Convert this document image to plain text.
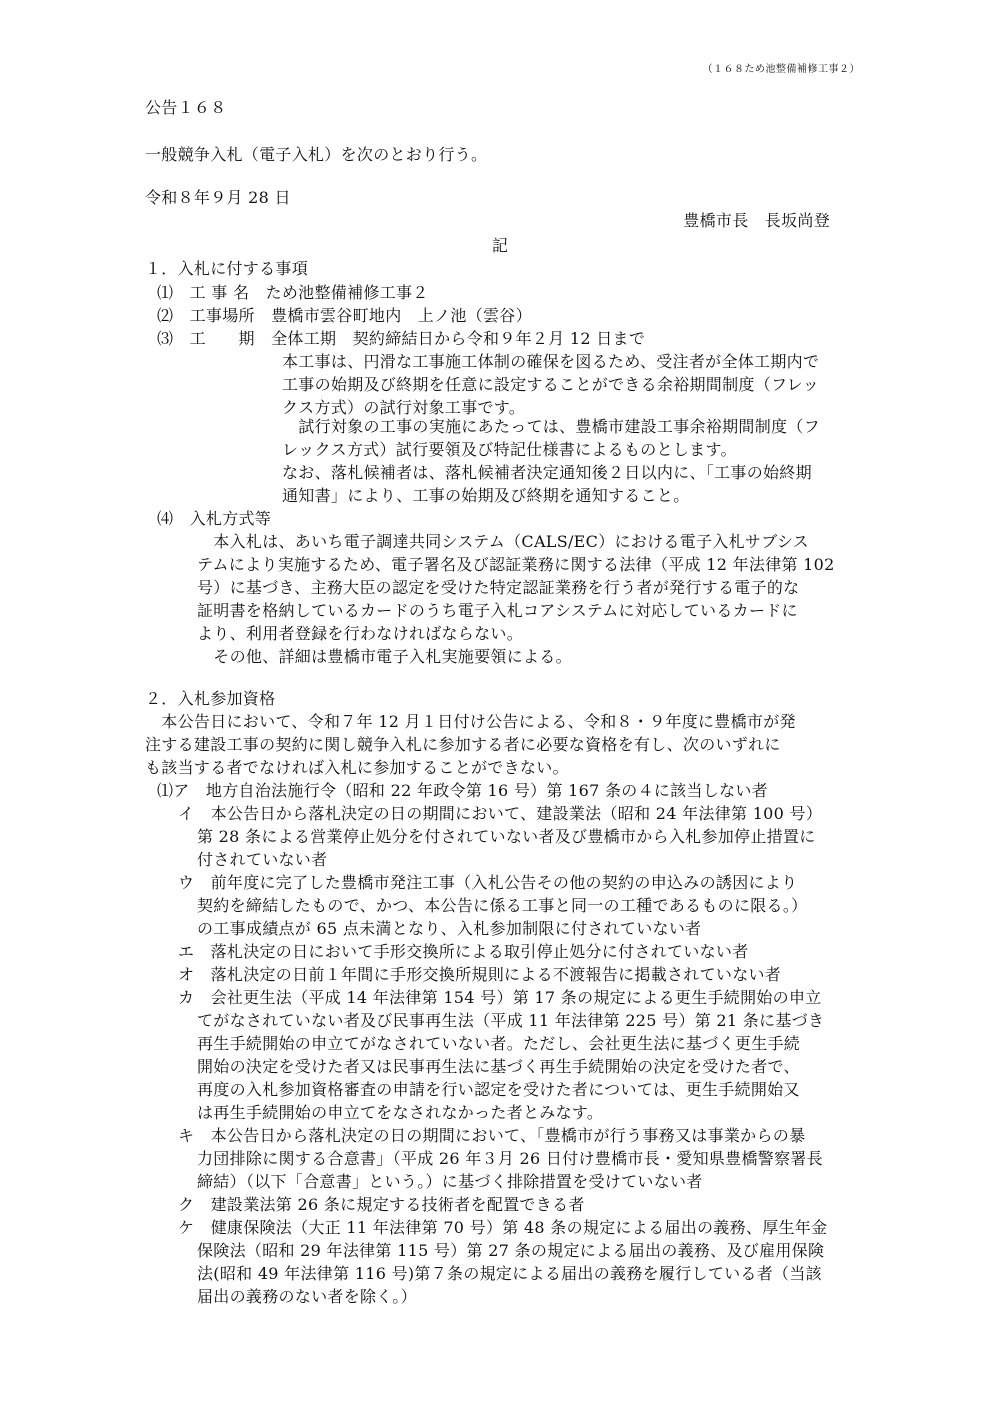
（１６８ため池整備補修工事２）
公告１６８
一般競争入札（電子入札）を次のとおり行う。
令和８年９月 28 日
豊橋市長　長坂尚登
記
１．入札に付する事項
⑴　工 事 名　ため池整備補修工事２
⑵　工事場所　豊橋市雲谷町地内　上ノ池（雲谷）
⑶　工　　期　全体工期　契約締結日から令和９年２月 12 日まで
本工事は、円滑な工事施工体制の確保を図るため、受注者が全体工期内で
工事の始期及び終期を任意に設定することができる余裕期間制度（フレッ
クス方式）の試行対象工事です。
　試行対象の工事の実施にあたっては、豊橋市建設工事余裕期間制度（フ
レックス方式）試行要領及び特記仕様書によるものとします。
なお、落札候補者は、落札候補者決定通知後２日以内に、「工事の始終期
通知書」により、工事の始期及び終期を通知すること。
⑷　入札方式等
　本入札は、あいち電子調達共同システム（CALS/EC）における電子入札サブシス
テムにより実施するため、電子署名及び認証業務に関する法律（平成 12 年法律第 102
号）に基づき、主務大臣の認定を受けた特定認証業務を行う者が発行する電子的な
証明書を格納しているカードのうち電子入札コアシステムに対応しているカードに
より、利用者登録を行わなければならない。
　その他、詳細は豊橋市電子入札実施要領による。
２．入札参加資格
　本公告日において、令和７年 12 月１日付け公告による、令和８・９年度に豊橋市が発
注する建設工事の契約に関し競争入札に参加する者に必要な資格を有し、次のいずれに
も該当する者でなければ入札に参加することができない。
⑴ア　地方自治法施行令（昭和 22 年政令第 16 号）第 167 条の４に該当しない者
イ　本公告日から落札決定の日の期間において、建設業法（昭和 24 年法律第 100 号）
第 28 条による営業停止処分を付されていない者及び豊橋市から入札参加停止措置に
付されていない者
ウ　前年度に完了した豊橋市発注工事（入札公告その他の契約の申込みの誘因により
契約を締結したもので、かつ、本公告に係る工事と同一の工種であるものに限る。）
の工事成績点が 65 点未満となり、入札参加制限に付されていない者
エ　落札決定の日において手形交換所による取引停止処分に付されていない者
オ　落札決定の日前１年間に手形交換所規則による不渡報告に掲載されていない者
カ　会社更生法（平成 14 年法律第 154 号）第 17 条の規定による更生手続開始の申立
てがなされていない者及び民事再生法（平成 11 年法律第 225 号）第 21 条に基づき
再生手続開始の申立てがなされていない者。ただし、会社更生法に基づく更生手続
開始の決定を受けた者又は民事再生法に基づく再生手続開始の決定を受けた者で、
再度の入札参加資格審査の申請を行い認定を受けた者については、更生手続開始又
は再生手続開始の申立てをなされなかった者とみなす。
キ　本公告日から落札決定の日の期間において、「豊橋市が行う事務又は事業からの暴
力団排除に関する合意書」（平成 26 年３月 26 日付け豊橋市長・愛知県豊橋警察署長
締結）（以下「合意書」という。）に基づく排除措置を受けていない者
ク　建設業法第 26 条に規定する技術者を配置できる者
ケ　健康保険法（大正 11 年法律第 70 号）第 48 条の規定による届出の義務、厚生年金
保険法（昭和 29 年法律第 115 号）第 27 条の規定による届出の義務、及び雇用保険
法(昭和 49 年法律第 116 号)第７条の規定による届出の義務を履行している者（当該
届出の義務のない者を除く。）
